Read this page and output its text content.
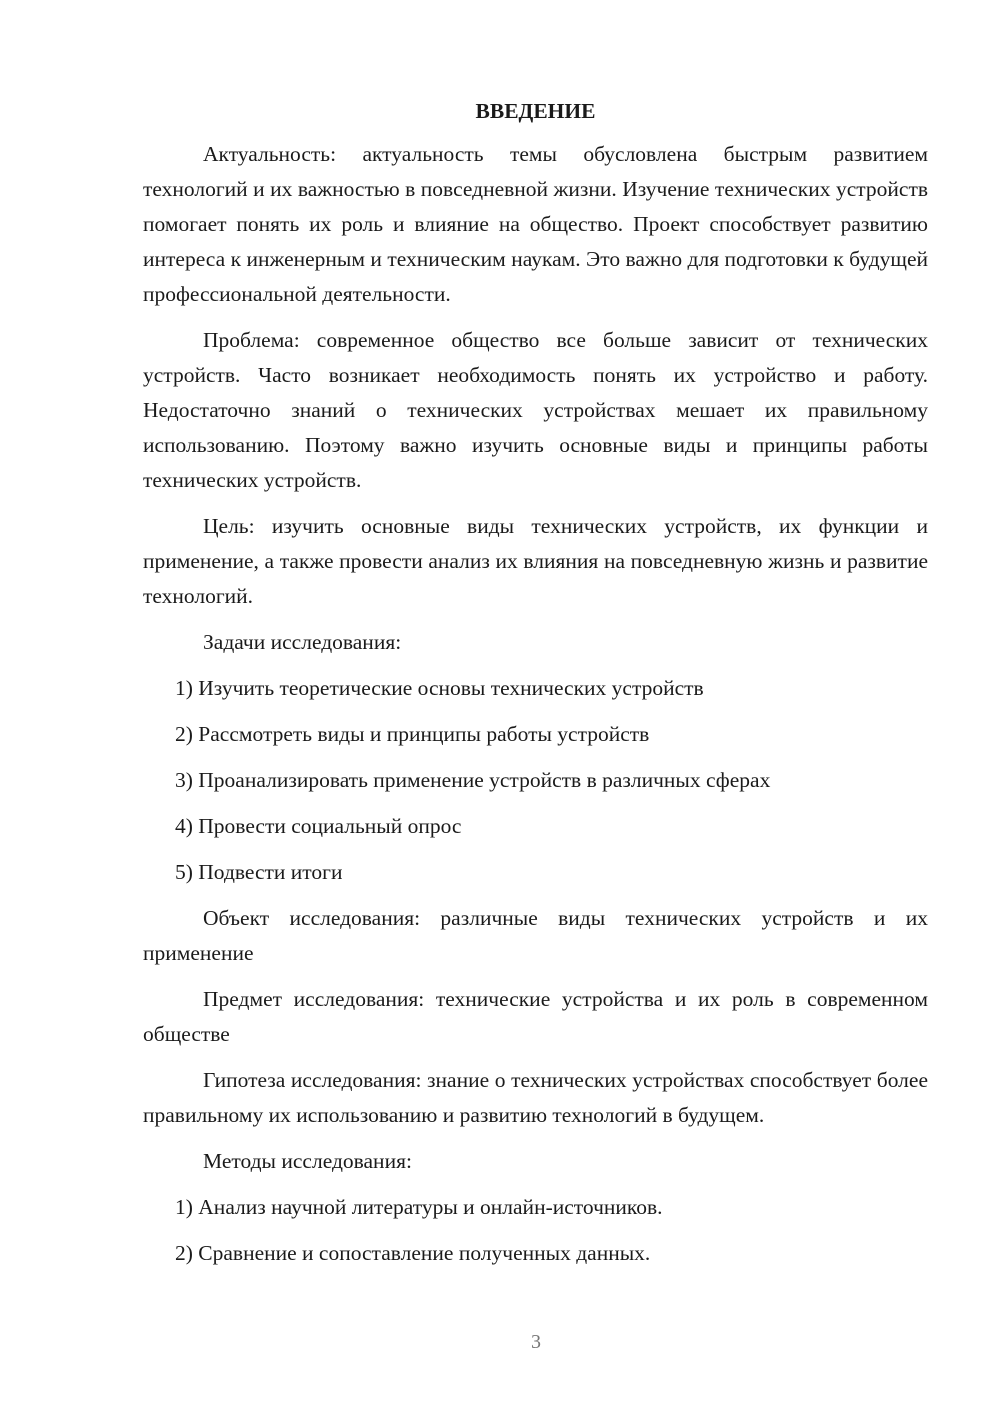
ВВЕДЕНИЕ

Актуальность: актуальность темы обусловлена быстрым развитием технологий и их важностью в повседневной жизни. Изучение технических устройств помогает понять их роль и влияние на общество. Проект способствует развитию интереса к инженерным и техническим наукам. Это важно для подготовки к будущей профессиональной деятельности.

Проблема: современное общество все больше зависит от технических устройств. Часто возникает необходимость понять их устройство и работу. Недостаточно знаний о технических устройствах мешает их правильному использованию. Поэтому важно изучить основные виды и принципы работы технических устройств.

Цель: изучить основные виды технических устройств, их функции и применение, а также провести анализ их влияния на повседневную жизнь и развитие технологий.

Задачи исследования:

1) Изучить теоретические основы технических устройств
2) Рассмотреть виды и принципы работы устройств
3) Проанализировать применение устройств в различных сферах
4) Провести социальный опрос
5) Подвести итоги

Объект исследования: различные виды технических устройств и их применение

Предмет исследования: технические устройства и их роль в современном обществе

Гипотеза исследования: знание о технических устройствах способствует более правильному их использованию и развитию технологий в будущем.

Методы исследования:

1) Анализ научной литературы и онлайн-источников.
2) Сравнение и сопоставление полученных данных.
3
